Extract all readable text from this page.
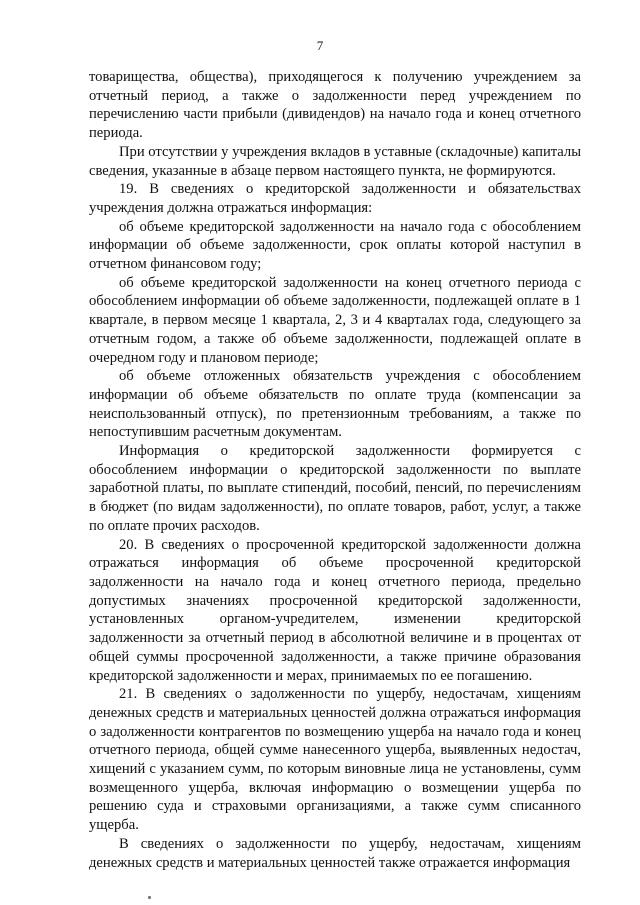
7

товарищества, общества), приходящегося к получению учреждением за отчетный период, а также о задолженности перед учреждением по перечислению части прибыли (дивидендов) на начало года и конец отчетного периода.

При отсутствии у учреждения вкладов в уставные (складочные) капиталы сведения, указанные в абзаце первом настоящего пункта, не формируются.

19. В сведениях о кредиторской задолженности и обязательствах учреждения должна отражаться информация:

об объеме кредиторской задолженности на начало года с обособлением информации об объеме задолженности, срок оплаты которой наступил в отчетном финансовом году;

об объеме кредиторской задолженности на конец отчетного периода с обособлением информации об объеме задолженности, подлежащей оплате в 1 квартале, в первом месяце 1 квартала, 2, 3 и 4 кварталах года, следующего за отчетным годом, а также об объеме задолженности, подлежащей оплате в очередном году и плановом периоде;

об объеме отложенных обязательств учреждения с обособлением информации об объеме обязательств по оплате труда (компенсации за неиспользованный отпуск), по претензионным требованиям, а также по непоступившим расчетным документам.

Информация о кредиторской задолженности формируется с обособлением информации о кредиторской задолженности по выплате заработной платы, по выплате стипендий, пособий, пенсий, по перечислениям в бюджет (по видам задолженности), по оплате товаров, работ, услуг, а также по оплате прочих расходов.

20. В сведениях о просроченной кредиторской задолженности должна отражаться информация об объеме просроченной кредиторской задолженности на начало года и конец отчетного периода, предельно допустимых значениях просроченной кредиторской задолженности, установленных органом-учредителем, изменении кредиторской задолженности за отчетный период в абсолютной величине и в процентах от общей суммы просроченной задолженности, а также причине образования кредиторской задолженности и мерах, принимаемых по ее погашению.

21. В сведениях о задолженности по ущербу, недостачам, хищениям денежных средств и материальных ценностей должна отражаться информация о задолженности контрагентов по возмещению ущерба на начало года и конец отчетного периода, общей сумме нанесенного ущерба, выявленных недостач, хищений с указанием сумм, по которым виновные лица не установлены, сумм возмещенного ущерба, включая информацию о возмещении ущерба по решению суда и страховыми организациями, а также сумм списанного ущерба.

В сведениях о задолженности по ущербу, недостачам, хищениям денежных средств и материальных ценностей также отражается информация
